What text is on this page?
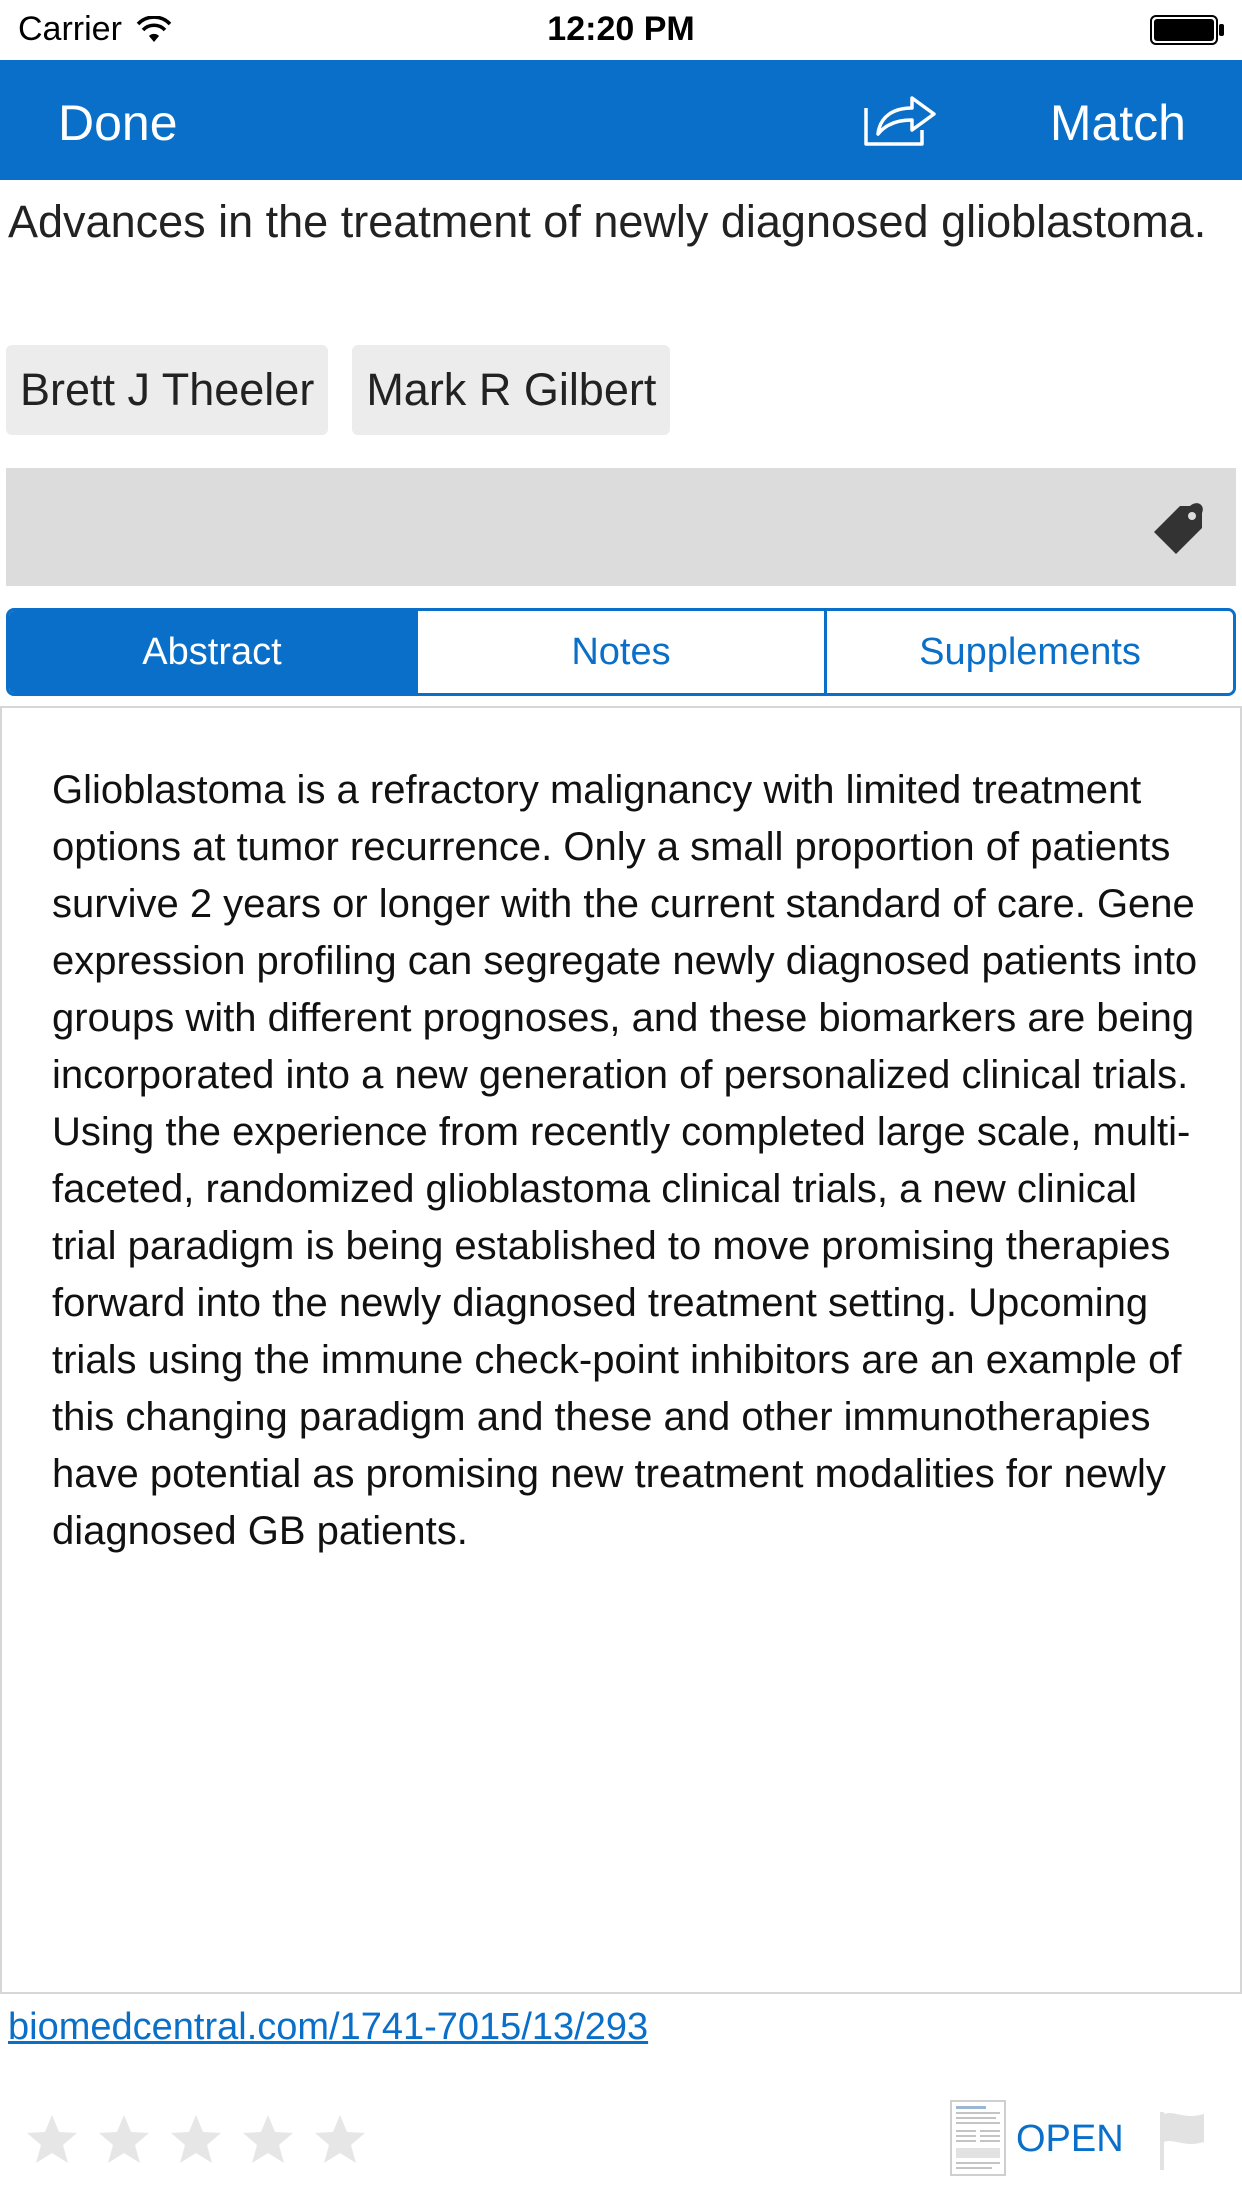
Carrier	12:20 PM
Done	Match
Advances in the treatment of newly diagnosed glioblastoma.
Brett J Theeler	Mark R Gilbert
Abstract	Notes	Supplements
Glioblastoma is a refractory malignancy with limited treatment options at tumor recurrence. Only a small proportion of patients survive 2 years or longer with the current standard of care. Gene expression profiling can segregate newly diagnosed patients into groups with different prognoses, and these biomarkers are being incorporated into a new generation of personalized clinical trials. Using the experience from recently completed large scale, multi-faceted, randomized glioblastoma clinical trials, a new clinical trial paradigm is being established to move promising therapies forward into the newly diagnosed treatment setting. Upcoming trials using the immune check-point inhibitors are an example of this changing paradigm and these and other immunotherapies have potential as promising new treatment modalities for newly diagnosed GB patients.
biomedcentral.com/1741-7015/13/293
OPEN
